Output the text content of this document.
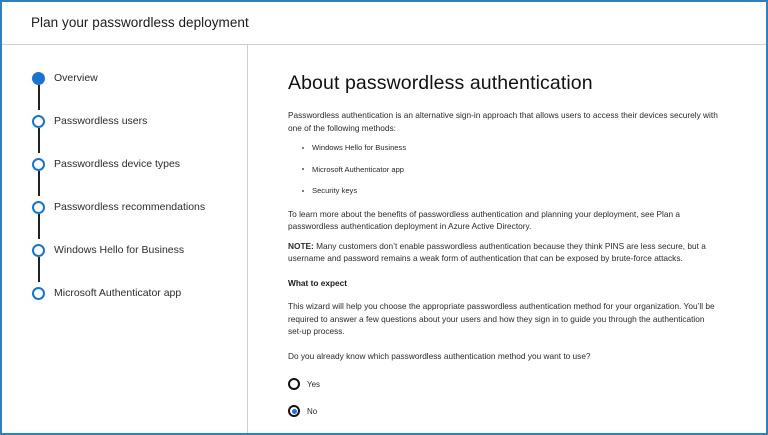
Plan your passwordless deployment
Overview
Passwordless users
Passwordless device types
Passwordless recommendations
Windows Hello for Business
Microsoft Authenticator app
About passwordless authentication

Passwordless authentication is an alternative sign-in approach that allows users to access their devices securely with one of the following methods:

Windows Hello for Business
Microsoft Authenticator app
Security keys

To learn more about the benefits of passwordless authentication and planning your deployment, see Plan a passwordless authentication deployment in Azure Active Directory.

NOTE: Many customers don’t enable passwordless authentication because they think PINS are less secure, but a username and password remains a weak form of authentication that can be exposed by brute-force attacks.

What to expect

This wizard will help you choose the appropriate passwordless authentication method for your organization. You’ll be required to answer a few questions about your users and how they sign in to guide you through the authentication set-up process.

Do you already know which passwordless authentication method you want to use?

Yes
No
